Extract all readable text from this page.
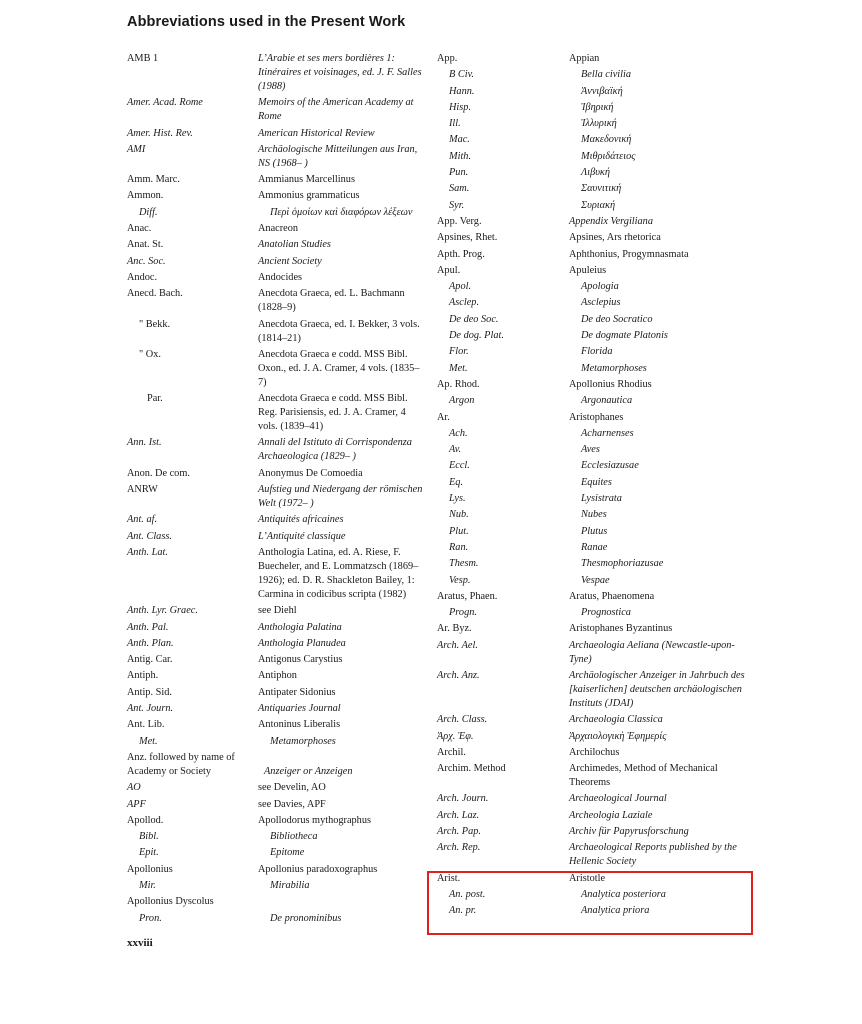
Abbreviations used in the Present Work
AMB 1	L’Arabie et ses mers bordières 1: Itinéraires et voisinages, ed. J. F. Salles (1988)
Amer. Acad. Rome	Memoirs of the American Academy at Rome
Amer. Hist. Rev.	American Historical Review
AMI	Archäologische Mitteilungen aus Iran, NS (1968– )
Amm. Marc.	Ammianus Marcellinus
Ammon.	Ammonius grammaticus
Diff.	Περὶ ὁμοίων καὶ διαφόρων λέξεων
Anac.	Anacreon
Anat. St.	Anatolian Studies
Anc. Soc.	Ancient Society
Andoc.	Andocides
Anecd. Bach.	Anecdota Graeca, ed. L. Bachmann (1828–9)
" Bekk.	Anecdota Graeca, ed. I. Bekker, 3 vols. (1814–21)
" Ox.	Anecdota Graeca e codd. MSS Bibl. Oxon., ed. J. A. Cramer, 4 vols. (1835–7)
Par.	Anecdota Graeca e codd. MSS Bibl. Reg. Parisiensis, ed. J. A. Cramer, 4 vols. (1839–41)
Ann. Ist.	Annali del Istituto di Corrispondenza Archaeologica (1829– )
Anon. De com.	Anonymus De Comoedia
ANRW	Aufstieg und Niedergang der römischen Welt (1972– )
Ant. af.	Antiquités africaines
Ant. Class.	L’Antiquité classique
Anth. Lat.	Anthologia Latina, ed. A. Riese, F. Buecheler, and E. Lommatzsch (1869–1926); ed. D. R. Shackleton Bailey, 1: Carmina in codicibus scripta (1982)
Anth. Lyr. Graec.	see Diehl
Anth. Pal.	Anthologia Palatina
Anth. Plan.	Anthologia Planudea
Antig. Car.	Antigonus Carystius
Antiph.	Antiphon
Antip. Sid.	Antipater Sidonius
Ant. Journ.	Antiquaries Journal
Ant. Lib.	Antoninus Liberalis
Met.	Metamorphoses
Anz. followed by name of Academy or Society	Anzeiger or Anzeigen
AO	see Develin, AO
APF	see Davies, APF
Apollod.	Apollodorus mythographus
Bibl.	Bibliotheca
Epit.	Epitome
Apollonius	Apollonius paradoxographus
Mir.	Mirabilia
Apollonius Dyscolus
Pron.	De pronominibus
App.	Appian
B Civ.	Bella civilia
Hann.	Ἀννιβαϊκή
Hisp.	Ἰβηρική
Ill.	Ἰλλυρική
Mac.	Μακεδονική
Mith.	Μιθριδάτειος
Pun.	Λιβυκή
Sam.	Σαυνιτική
Syr.	Συριακή
App. Verg.	Appendix Vergiliana
Apsines, Rhet.	Apsines, Ars rhetorica
Apth. Prog.	Aphthonius, Progymnasmata
Apul.	Apuleius
Apol.	Apologia
Asclep.	Asclepius
De deo Soc.	De deo Socratico
De dog. Plat.	De dogmate Platonis
Flor.	Florida
Met.	Metamorphoses
Ap. Rhod.	Apollonius Rhodius
Argon	Argonautica
Ar.	Aristophanes
Ach.	Acharnenses
Av.	Aves
Eccl.	Ecclesiazusae
Eq.	Equites
Lys.	Lysistrata
Nub.	Nubes
Plut.	Plutus
Ran.	Ranae
Thesm.	Thesmophoriazusae
Vesp.	Vespae
Aratus, Phaen.	Aratus, Phaenomena
Progn.	Prognostica
Ar. Byz.	Aristophanes Byzantinus
Arch. Ael.	Archaeologia Aeliana (Newcastle-upon-Tyne)
Arch. Anz.	Archäologischer Anzeiger in Jahrbuch des [kaiserlichen] deutschen archäologischen Instituts (JDAI)
Arch. Class.	Archaeologia Classica
Ἀρχ. Ἐφ.	Ἀρχαιολογικὴ Ἐφημερίς
Archil.	Archilochus
Archim. Method	Archimedes, Method of Mechanical Theorems
Arch. Journ.	Archaeological Journal
Arch. Laz.	Archeologia Laziale
Arch. Pap.	Archiv für Papyrusforschung
Arch. Rep.	Archaeological Reports published by the Hellenic Society
Arist.	Aristotle
An. post.	Analytica posteriora
An. pr.	Analytica priora
xxviii
